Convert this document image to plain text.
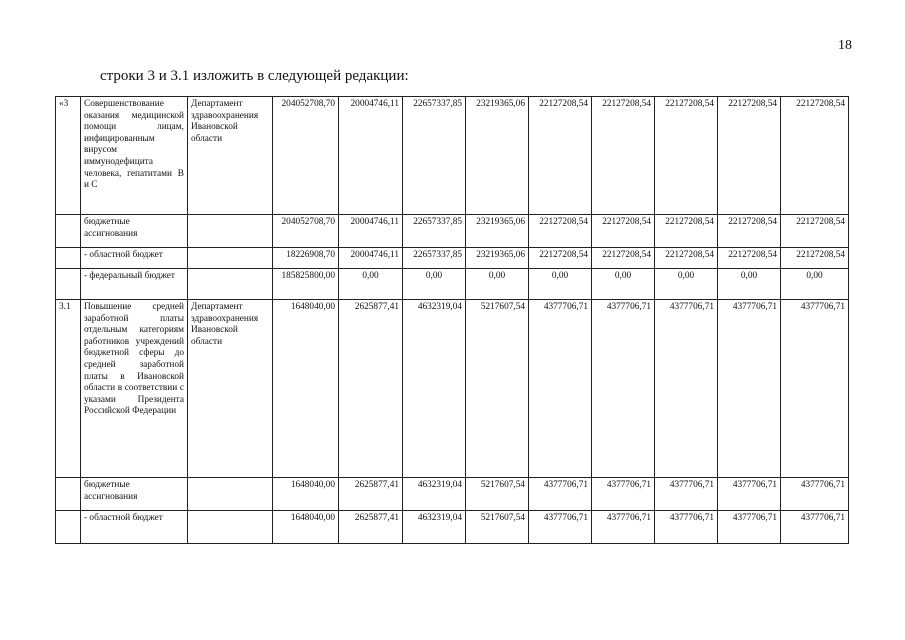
18
строки 3 и 3.1 изложить в следующей редакции:
«3	Совершенствование оказания медицинской помощи лицам, инфицированным вирусом иммунодефицита человека, гепатитами В и С	Департамент здравоохранения Ивановской области	204052708,70	20004746,11	22657337,85	23219365,06	22127208,54	22127208,54	22127208,54	22127208,54	22127208,54
	бюджетные ассигнования		204052708,70	20004746,11	22657337,85	23219365,06	22127208,54	22127208,54	22127208,54	22127208,54	22127208,54
	- областной бюджет		18226908,70	20004746,11	22657337,85	23219365,06	22127208,54	22127208,54	22127208,54	22127208,54	22127208,54
	- федеральный бюджет		185825800,00	0,00	0,00	0,00	0,00	0,00	0,00	0,00	0,00
3.1	Повышение средней заработной платы отдельным категориям работников учреждений бюджетной сферы до средней заработной платы в Ивановской области в соответствии с указами Президента Российской Федерации	Департамент здравоохранения Ивановской области	1648040,00	2625877,41	4632319,04	5217607,54	4377706,71	4377706,71	4377706,71	4377706,71	4377706,71
	бюджетные ассигнования		1648040,00	2625877,41	4632319,04	5217607,54	4377706,71	4377706,71	4377706,71	4377706,71	4377706,71
	- областной бюджет		1648040,00	2625877,41	4632319,04	5217607,54	4377706,71	4377706,71	4377706,71	4377706,71	4377706,71
